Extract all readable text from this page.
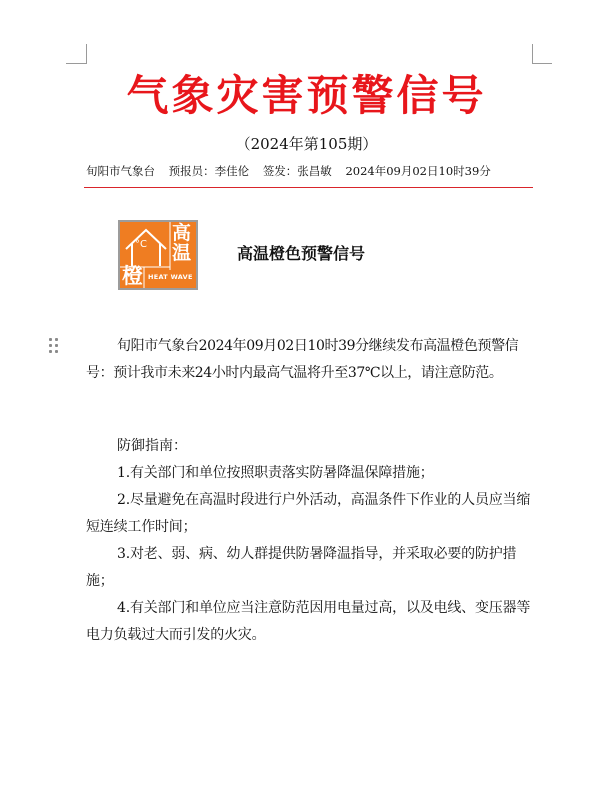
气象灾害预警信号
（2024年第105期）
旬阳市气象台 预报员：李佳伦 签发：张昌敏 2024年09月02日10时39分
°C
高
温
橙 HEAT WAVE
高温橙色预警信号

旬阳市气象台2024年09月02日10时39分继续发布高温橙色预警信号：预计我市未来24小时内最高气温将升至37℃以上，请注意防范。

防御指南：

1.有关部门和单位按照职责落实防暑降温保障措施；

2.尽量避免在高温时段进行户外活动，高温条件下作业的人员应当缩短连续工作时间；

3.对老、弱、病、幼人群提供防暑降温指导，并采取必要的防护措施；

4.有关部门和单位应当注意防范因用电量过高，以及电线、变压器等电力负载过大而引发的火灾。
